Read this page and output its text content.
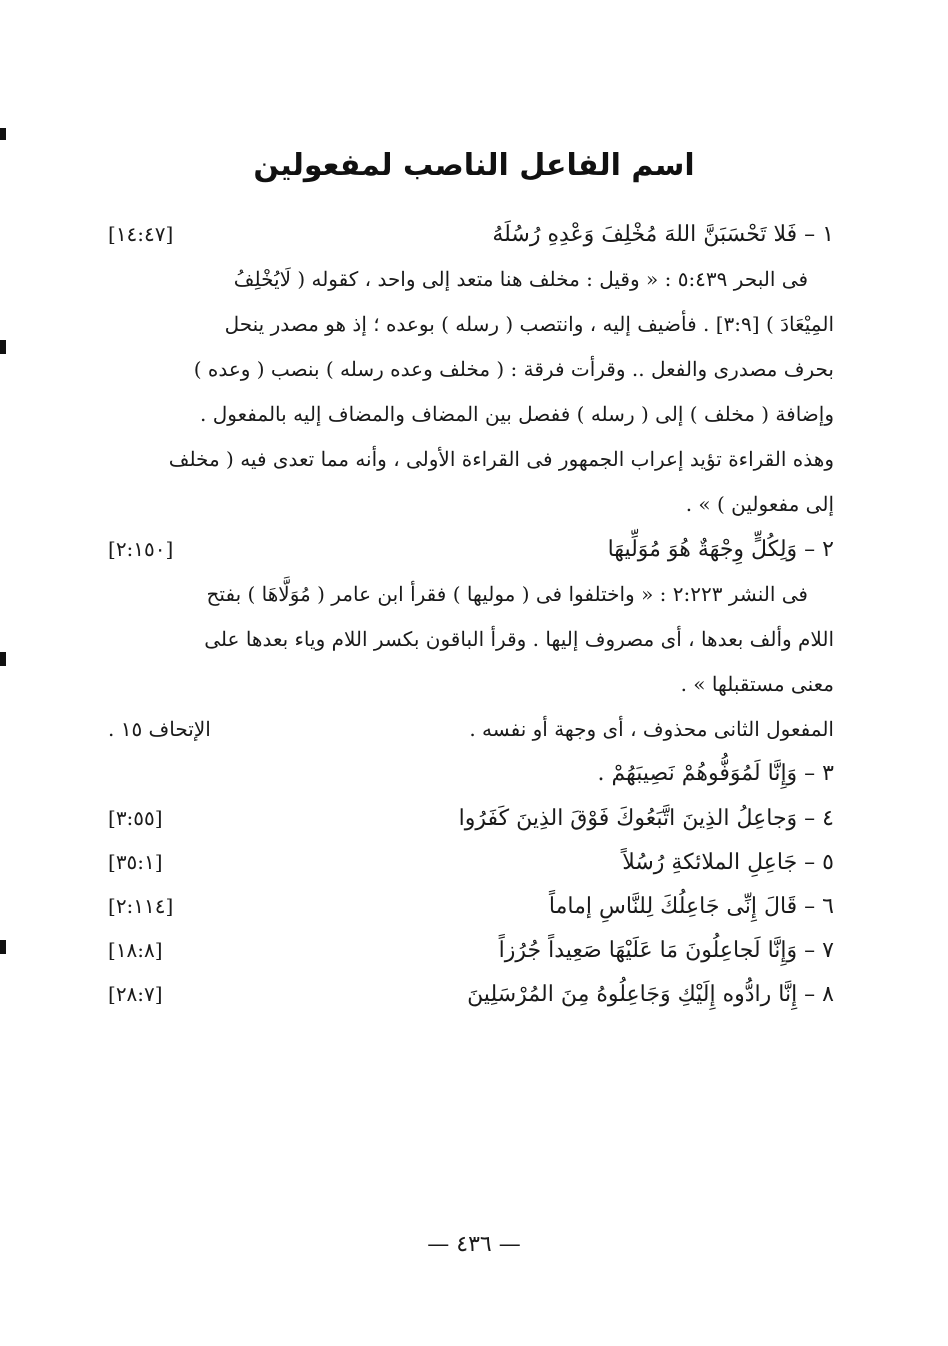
اسم الفاعل الناصب لمفعولين
١ – فَلا تَحْسَبَنَّ اللهَ مُخْلِفَ وَعْدِهِ رُسُلَهُ
[١٤:٤٧]
فى البحر ٥:٤٣٩ : « وقيل : مخلف هنا متعد إلى واحد ، كقوله ( لَايُخْلِفُ
المِيْعَادَ ) [٣:٩] . فأضيف إليه ، وانتصب ( رسله ) بوعده ؛ إذ هو مصدر ينحل
بحرف مصدرى والفعل .. وقرأت فرقة : ( مخلف وعده رسله ) بنصب ( وعده )
وإضافة ( مخلف ) إلى ( رسله ) ففصل بين المضاف والمضاف إليه بالمفعول .
وهذه القراءة تؤيد إعراب الجمهور فى القراءة الأولى ، وأنه مما تعدى فيه ( مخلف
إلى مفعولين ) » .
٢ – وَلِكُلٍّ وِجْهَةٌ هُوَ مُوَلِّيهَا
[٢:١٥٠]
فى النشر ٢:٢٢٣ : « واختلفوا فى ( موليها ) فقرأ ابن عامر ( مُوَلَّاهَا ) بفتح
اللام وألف بعدها ، أى مصروف إليها . وقرأ الباقون بكسر اللام وياء بعدها على
معنى مستقبلها » .
المفعول الثانى محذوف ، أى وجهة أو نفسه .
الإتحاف ١٥ .
٣ – وَإِنَّا لَمُوَفُّوهُمْ نَصِيبَهُمْ .
٤ – وَجاعِلُ الذِينَ اتَّبَعُوكَ فَوْقَ الذِينَ كَفَرُوا
[٣:٥٥]
٥ – جَاعِلِ الملائكةِ رُسُلاً
[٣٥:١]
٦ – قَالَ إِنِّى جَاعِلُكَ لِلنَّاسِ إماماً
[٢:١١٤]
٧ – وَإِنَّا لَجاعِلُونَ مَا عَلَيْهَا صَعِيداً جُرُزاً
[١٨:٨]
٨ – إِنَّا رادُّوه إِلَيْكِ وَجَاعِلُوهُ مِنَ المُرْسَلِينَ
[٢٨:٧]
— ٤٣٦ —
